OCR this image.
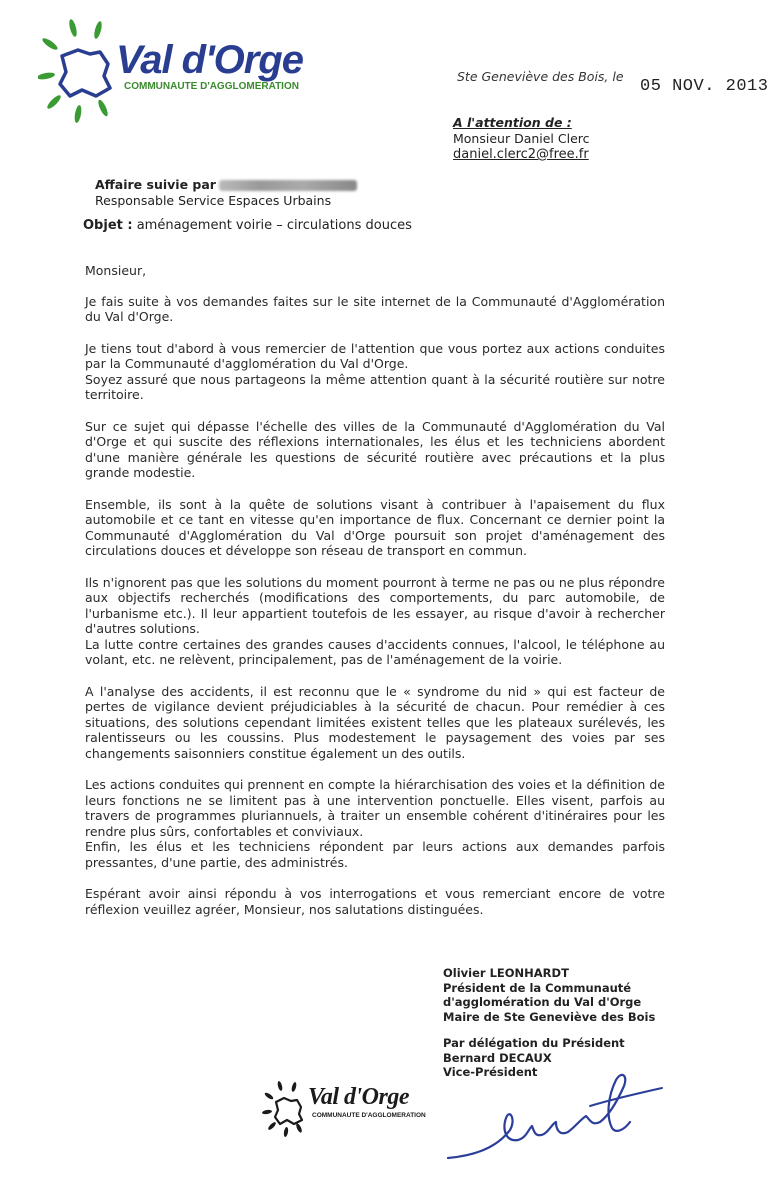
Val d'Orge
COMMUNAUTE D'AGGLOMERATION
Ste Geneviève des Bois, le
05 NOV. 2013
A l'attention de :
Monsieur Daniel Clerc
daniel.clerc2@free.fr
Affaire suivie par
Responsable Service Espaces Urbains
Objet : aménagement voirie – circulations douces

Monsieur,

Je fais suite à vos demandes faites sur le site internet de la Communauté d'Agglomération du Val d'Orge.

Je tiens tout d'abord à vous remercier de l'attention que vous portez aux actions conduites par la Communauté d'agglomération du Val d'Orge.
Soyez assuré que nous partageons la même attention quant à la sécurité routière sur notre territoire.

Sur ce sujet qui dépasse l'échelle des villes de la Communauté d'Agglomération du Val d'Orge et qui suscite des réflexions internationales, les élus et les techniciens abordent d'une manière générale les questions de sécurité routière avec précautions et la plus grande modestie.

Ensemble, ils sont à la quête de solutions visant à contribuer à l'apaisement du flux automobile et ce tant en vitesse qu'en importance de flux. Concernant ce dernier point la Communauté d'Agglomération du Val d'Orge poursuit son projet d'aménagement des circulations douces et développe son réseau de transport en commun.

Ils n'ignorent pas que les solutions du moment pourront à terme ne pas ou ne plus répondre aux objectifs recherchés (modifications des comportements, du parc automobile, de l'urbanisme etc.). Il leur appartient toutefois de les essayer, au risque d'avoir à rechercher d'autres solutions.
La lutte contre certaines des grandes causes d'accidents connues, l'alcool, le téléphone au volant, etc. ne relèvent, principalement, pas de l'aménagement de la voirie.

A l'analyse des accidents, il est reconnu que le « syndrome du nid » qui est facteur de pertes de vigilance devient préjudiciables à la sécurité de chacun. Pour remédier à ces situations, des solutions cependant limitées existent telles que les plateaux surélevés, les ralentisseurs ou les coussins. Plus modestement le paysagement des voies par ses changements saisonniers constitue également un des outils.

Les actions conduites qui prennent en compte la hiérarchisation des voies et la définition de leurs fonctions ne se limitent pas à une intervention ponctuelle. Elles visent, parfois au travers de programmes pluriannuels, à traiter un ensemble cohérent d'itinéraires pour les rendre plus sûrs, confortables et conviviaux.
Enfin, les élus et les techniciens répondent par leurs actions aux demandes parfois pressantes, d'une partie, des administrés.

Espérant avoir ainsi répondu à vos interrogations et vous remerciant encore de votre réflexion veuillez agréer, Monsieur, nos salutations distinguées.

Olivier LEONHARDT
Président de la Communauté
d'agglomération du Val d'Orge
Maire de Ste Geneviève des Bois
Par délégation du Président
Bernard DECAUX
Vice-Président
Val d'Orge
COMMUNAUTE D'AGGLOMERATION
